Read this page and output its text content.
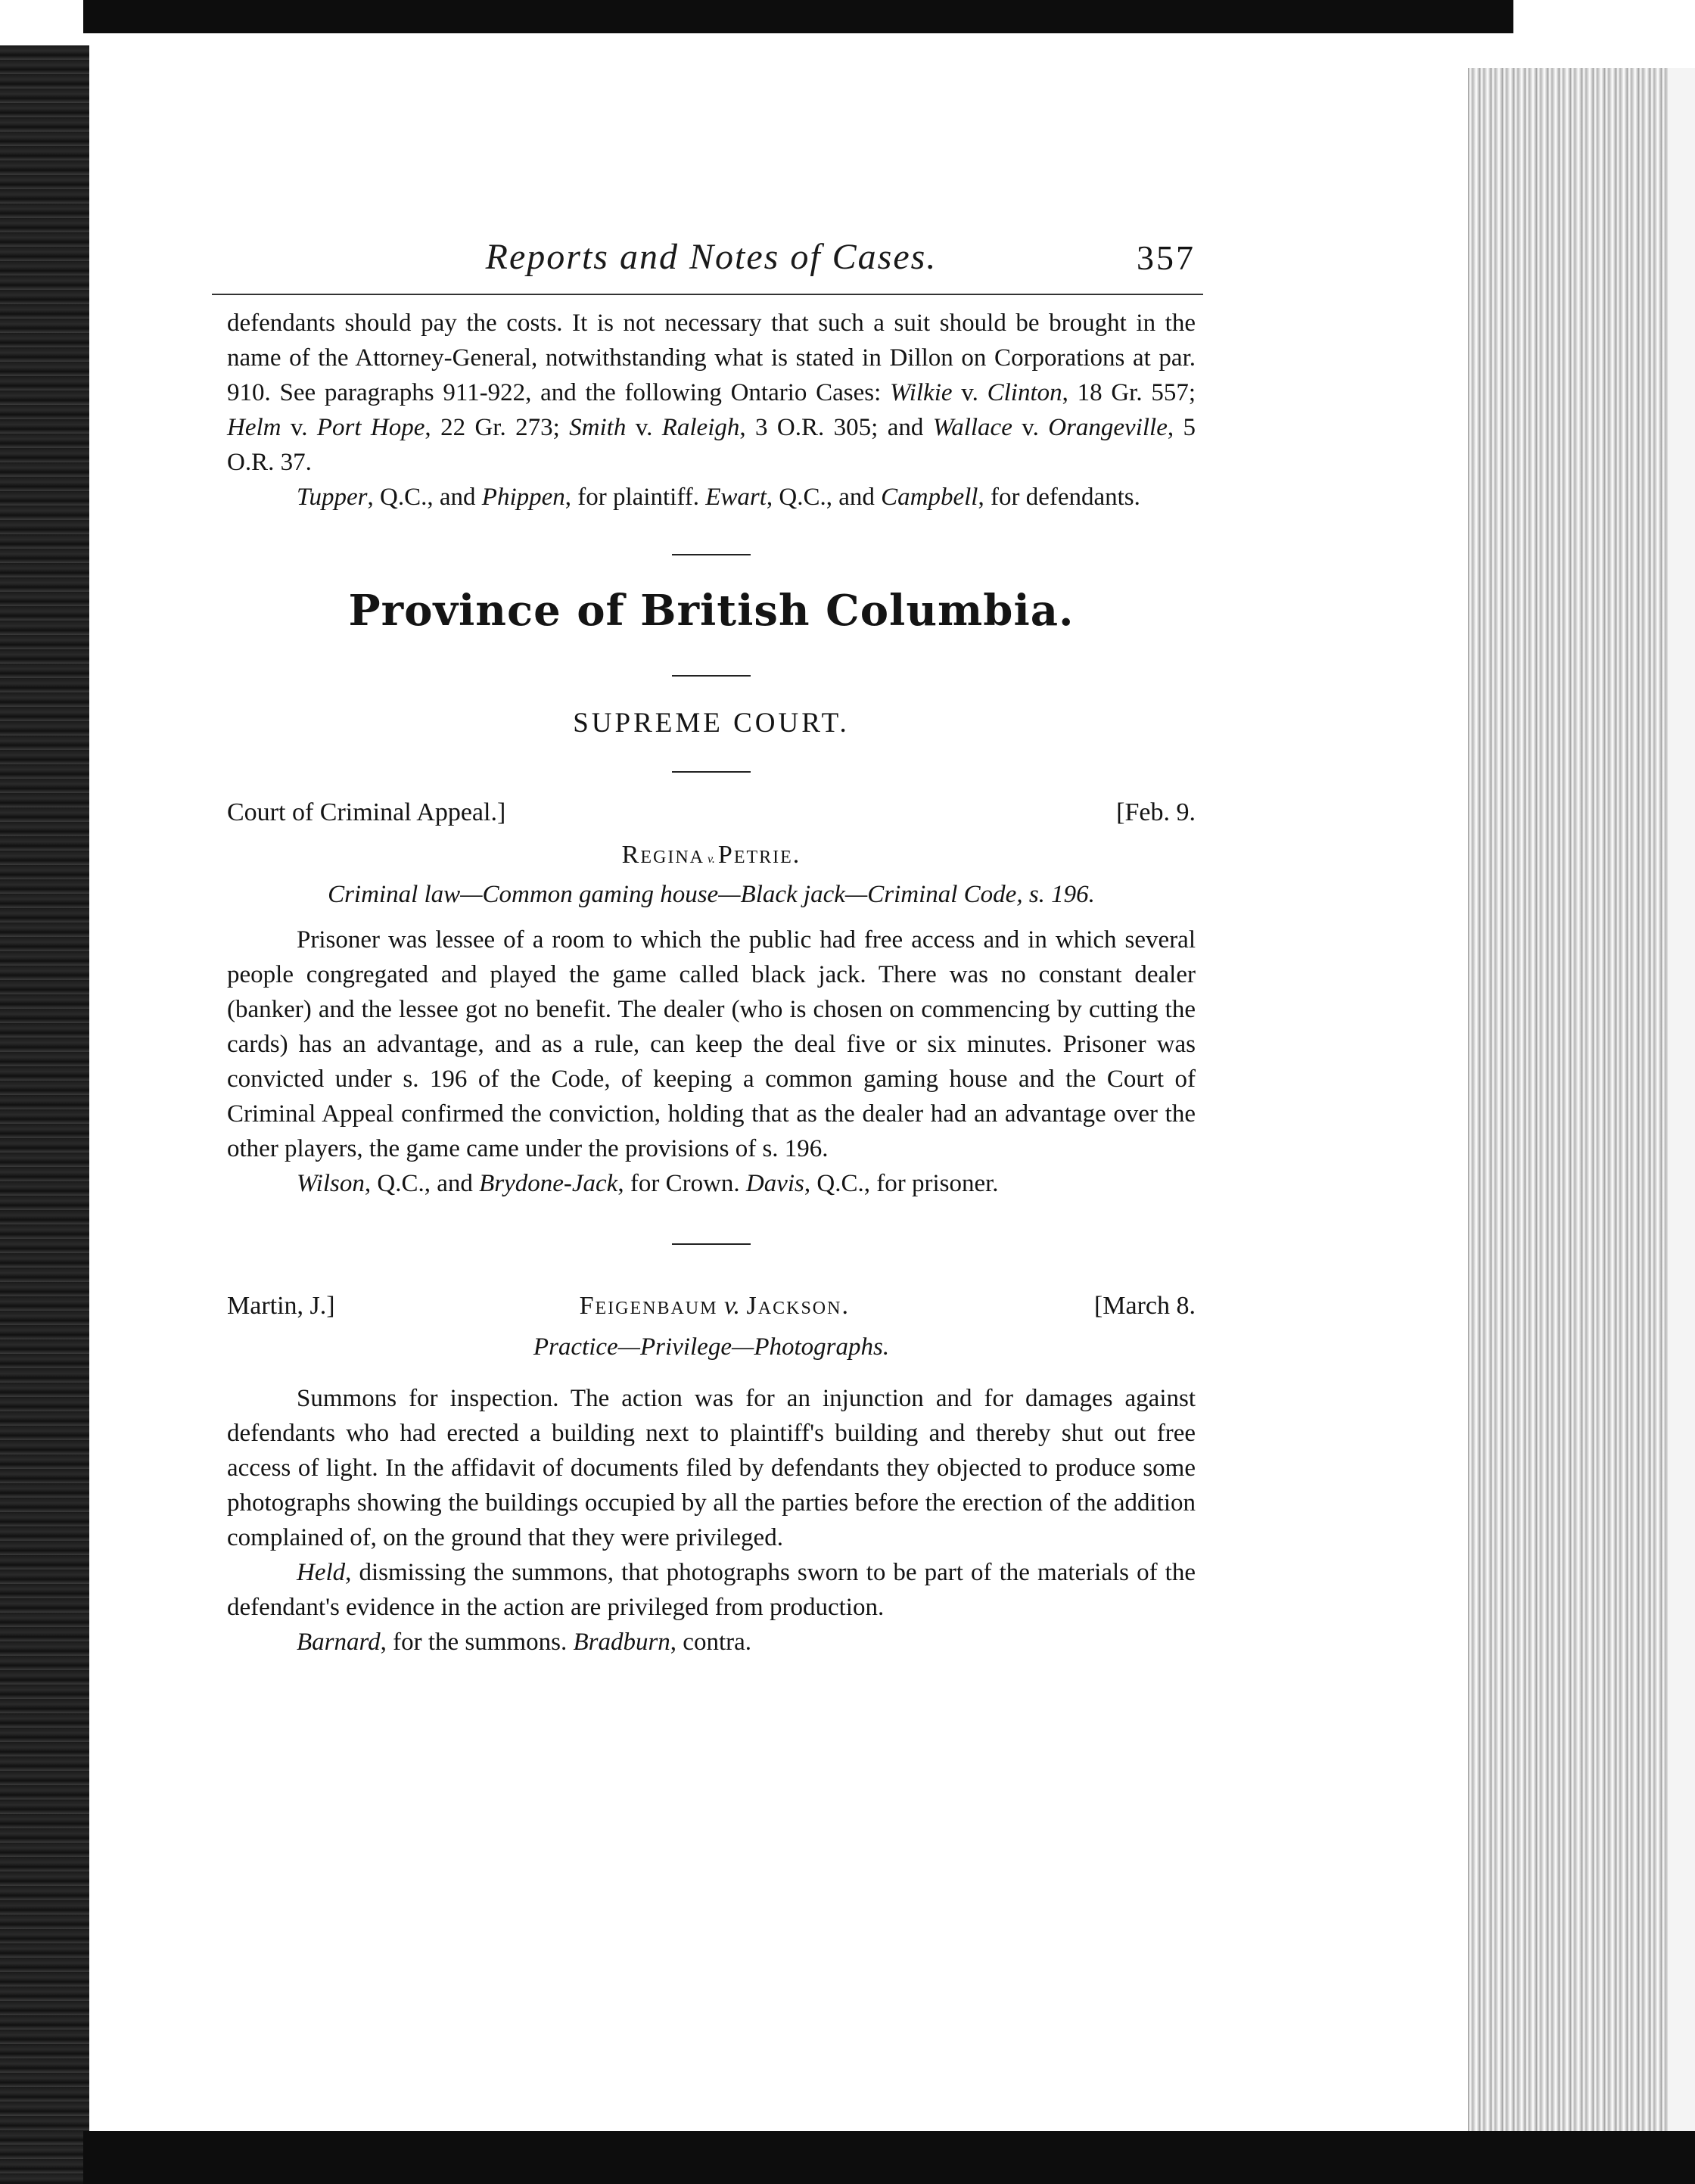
Reports and Notes of Cases.	357

defendants should pay the costs. It is not necessary that such a suit should be brought in the name of the Attorney-General, notwithstanding what is stated in Dillon on Corporations at par. 910. See paragraphs 911-922, and the following Ontario Cases: Wilkie v. Clinton, 18 Gr. 557; Helm v. Port Hope, 22 Gr. 273; Smith v. Raleigh, 3 O.R. 305; and Wallace v. Orangeville, 5 O.R. 37.

Tupper, Q.C., and Phippen, for plaintiff. Ewart, Q.C., and Campbell, for defendants.

Province of British Columbia.
SUPREME COURT.
Court of Criminal Appeal.]	[Feb. 9.
Regina v. Petrie.
Criminal law—Common gaming house—Black jack—Criminal Code, s. 196.

Prisoner was lessee of a room to which the public had free access and in which several people congregated and played the game called black jack. There was no constant dealer (banker) and the lessee got no benefit. The dealer (who is chosen on commencing by cutting the cards) has an advantage, and as a rule, can keep the deal five or six minutes. Prisoner was convicted under s. 196 of the Code, of keeping a common gaming house and the Court of Criminal Appeal confirmed the conviction, holding that as the dealer had an advantage over the other players, the game came under the provisions of s. 196.

Wilson, Q.C., and Brydone-Jack, for Crown. Davis, Q.C., for prisoner.

Martin, J.]	Feigenbaum v. Jackson.	[March 8.
Practice—Privilege—Photographs.

Summons for inspection. The action was for an injunction and for damages against defendants who had erected a building next to plaintiff's building and thereby shut out free access of light. In the affidavit of documents filed by defendants they objected to produce some photographs showing the buildings occupied by all the parties before the erection of the addition complained of, on the ground that they were privileged.

Held, dismissing the summons, that photographs sworn to be part of the materials of the defendant's evidence in the action are privileged from production.

Barnard, for the summons. Bradburn, contra.
